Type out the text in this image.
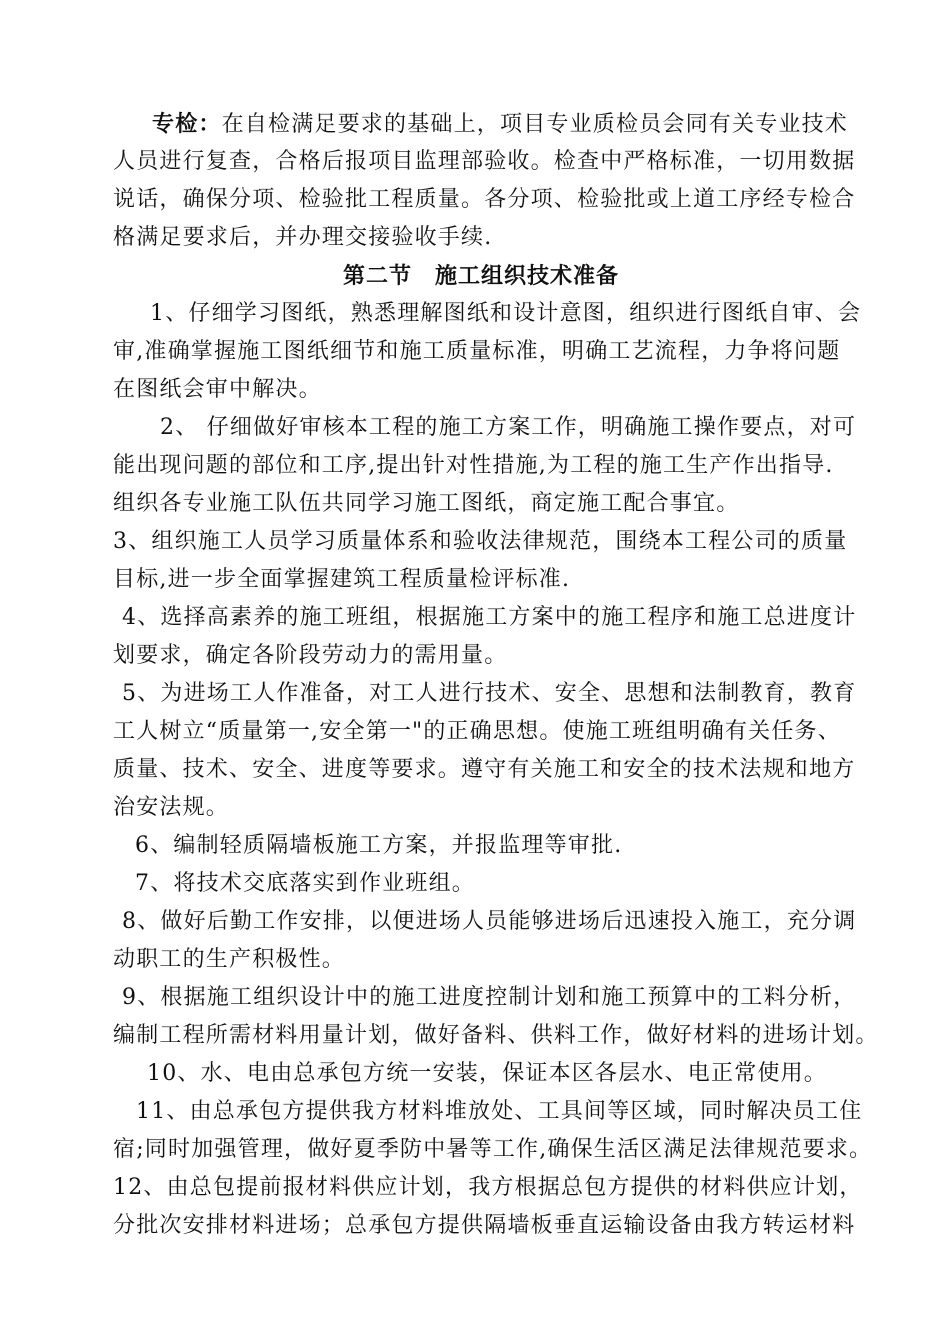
专检：在自检满足要求的基础上，项目专业质检员会同有关专业技术
人员进行复查，合格后报项目监理部验收。检查中严格标准，一切用数据
说话，确保分项、检验批工程质量。各分项、检验批或上道工序经专检合
格满足要求后，并办理交接验收手续.
第二节　施工组织技术准备
1、仔细学习图纸，熟悉理解图纸和设计意图，组织进行图纸自审、会
审,准确掌握施工图纸细节和施工质量标准，明确工艺流程，力争将问题
在图纸会审中解决。
2、 仔细做好审核本工程的施工方案工作，明确施工操作要点，对可
能出现问题的部位和工序,提出针对性措施,为工程的施工生产作出指导.
组织各专业施工队伍共同学习施工图纸，商定施工配合事宜。
3、组织施工人员学习质量体系和验收法律规范，围绕本工程公司的质量
目标,进一步全面掌握建筑工程质量检评标准.
4、选择高素养的施工班组，根据施工方案中的施工程序和施工总进度计
划要求，确定各阶段劳动力的需用量。
5、为进场工人作准备，对工人进行技术、安全、思想和法制教育，教育
工人树立“质量第一,安全第一"的正确思想。使施工班组明确有关任务、
质量、技术、安全、进度等要求。遵守有关施工和安全的技术法规和地方
治安法规。
6、编制轻质隔墙板施工方案，并报监理等审批.
7、将技术交底落实到作业班组。
8、做好后勤工作安排，以便进场人员能够进场后迅速投入施工，充分调
动职工的生产积极性。
9、根据施工组织设计中的施工进度控制计划和施工预算中的工料分析，
编制工程所需材料用量计划，做好备料、供料工作，做好材料的进场计划。
10、水、电由总承包方统一安装，保证本区各层水、电正常使用。
11、由总承包方提供我方材料堆放处、工具间等区域，同时解决员工住
宿;同时加强管理，做好夏季防中暑等工作,确保生活区满足法律规范要求。
12、由总包提前报材料供应计划，我方根据总包方提供的材料供应计划，
分批次安排材料进场；总承包方提供隔墙板垂直运输设备由我方转运材料
